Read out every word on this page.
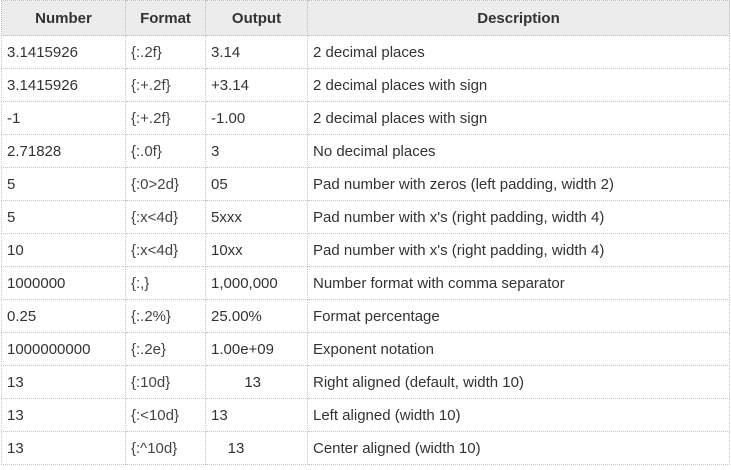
Number	Format	Output	Description
3.1415926	{:.2f}	3.14	2 decimal places
3.1415926	{:+.2f}	+3.14	2 decimal places with sign
-1	{:+.2f}	-1.00	2 decimal places with sign
2.71828	{:.0f}	3	No decimal places
5	{:0>2d}	05	Pad number with zeros (left padding, width 2)
5	{:x<4d}	5xxx	Pad number with x's (right padding, width 4)
10	{:x<4d}	10xx	Pad number with x's (right padding, width 4)
1000000	{:,}	1,000,000	Number format with comma separator
0.25	{:.2%}	25.00%	Format percentage
1000000000	{:.2e}	1.00e+09	Exponent notation
13	{:10d}	13	Right aligned (default, width 10)
13	{:<10d}	13	Left aligned (width 10)
13	{:^10d}	13	Center aligned (width 10)
